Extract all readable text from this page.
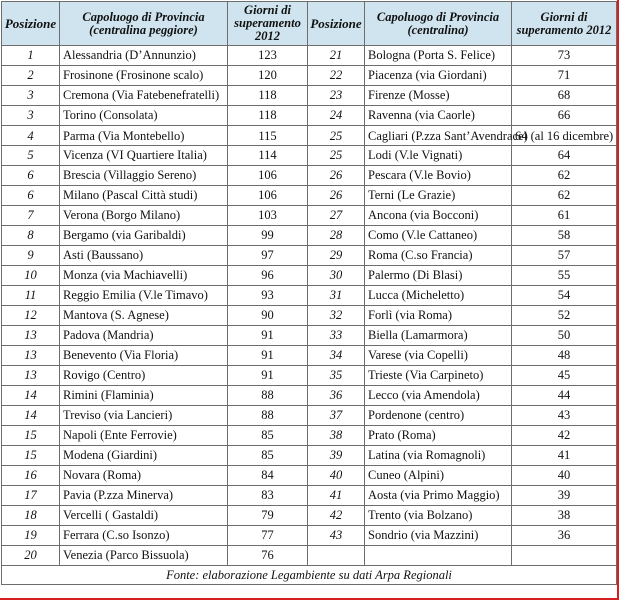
Posizione	Capoluogo di Provincia (centralina peggiore)	Giorni di superamento 2012	Posizione	Capoluogo di Provincia (centralina)	Giorni di superamento 2012
1	Alessandria (D’Annunzio)	123	21	Bologna (Porta S. Felice)	73
2	Frosinone (Frosinone scalo)	120	22	Piacenza (via Giordani)	71
3	Cremona (Via Fatebenefratelli)	118	23	Firenze (Mosse)	68
3	Torino (Consolata)	118	24	Ravenna (via Caorle)	66
4	Parma (Via Montebello)	115	25	Cagliari (P.zza Sant’Avendrace)	64 (al 16 dicembre)
5	Vicenza (VI Quartiere Italia)	114	25	Lodi (V.le Vignati)	64
6	Brescia (Villaggio Sereno)	106	26	Pescara (V.le Bovio)	62
6	Milano (Pascal Città studi)	106	26	Terni (Le Grazie)	62
7	Verona (Borgo Milano)	103	27	Ancona (via Bocconi)	61
8	Bergamo (via Garibaldi)	99	28	Como (V.le Cattaneo)	58
9	Asti (Baussano)	97	29	Roma (C.so Francia)	57
10	Monza (via Machiavelli)	96	30	Palermo (Di Blasi)	55
11	Reggio Emilia (V.le Timavo)	93	31	Lucca (Micheletto)	54
12	Mantova (S. Agnese)	90	32	Forlì (via Roma)	52
13	Padova (Mandria)	91	33	Biella (Lamarmora)	50
13	Benevento (Via Floria)	91	34	Varese (via Copelli)	48
13	Rovigo (Centro)	91	35	Trieste (Via Carpineto)	45
14	Rimini (Flaminia)	88	36	Lecco (via Amendola)	44
14	Treviso (via Lancieri)	88	37	Pordenone (centro)	43
15	Napoli (Ente Ferrovie)	85	38	Prato (Roma)	42
15	Modena (Giardini)	85	39	Latina (via Romagnoli)	41
16	Novara (Roma)	84	40	Cuneo (Alpini)	40
17	Pavia (P.zza Minerva)	83	41	Aosta (via Primo Maggio)	39
18	Vercelli ( Gastaldi)	79	42	Trento (via Bolzano)	38
19	Ferrara (C.so Isonzo)	77	43	Sondrio (via Mazzini)	36
20	Venezia (Parco Bissuola)	76			
Fonte: elaborazione Legambiente su dati Arpa Regionali					
